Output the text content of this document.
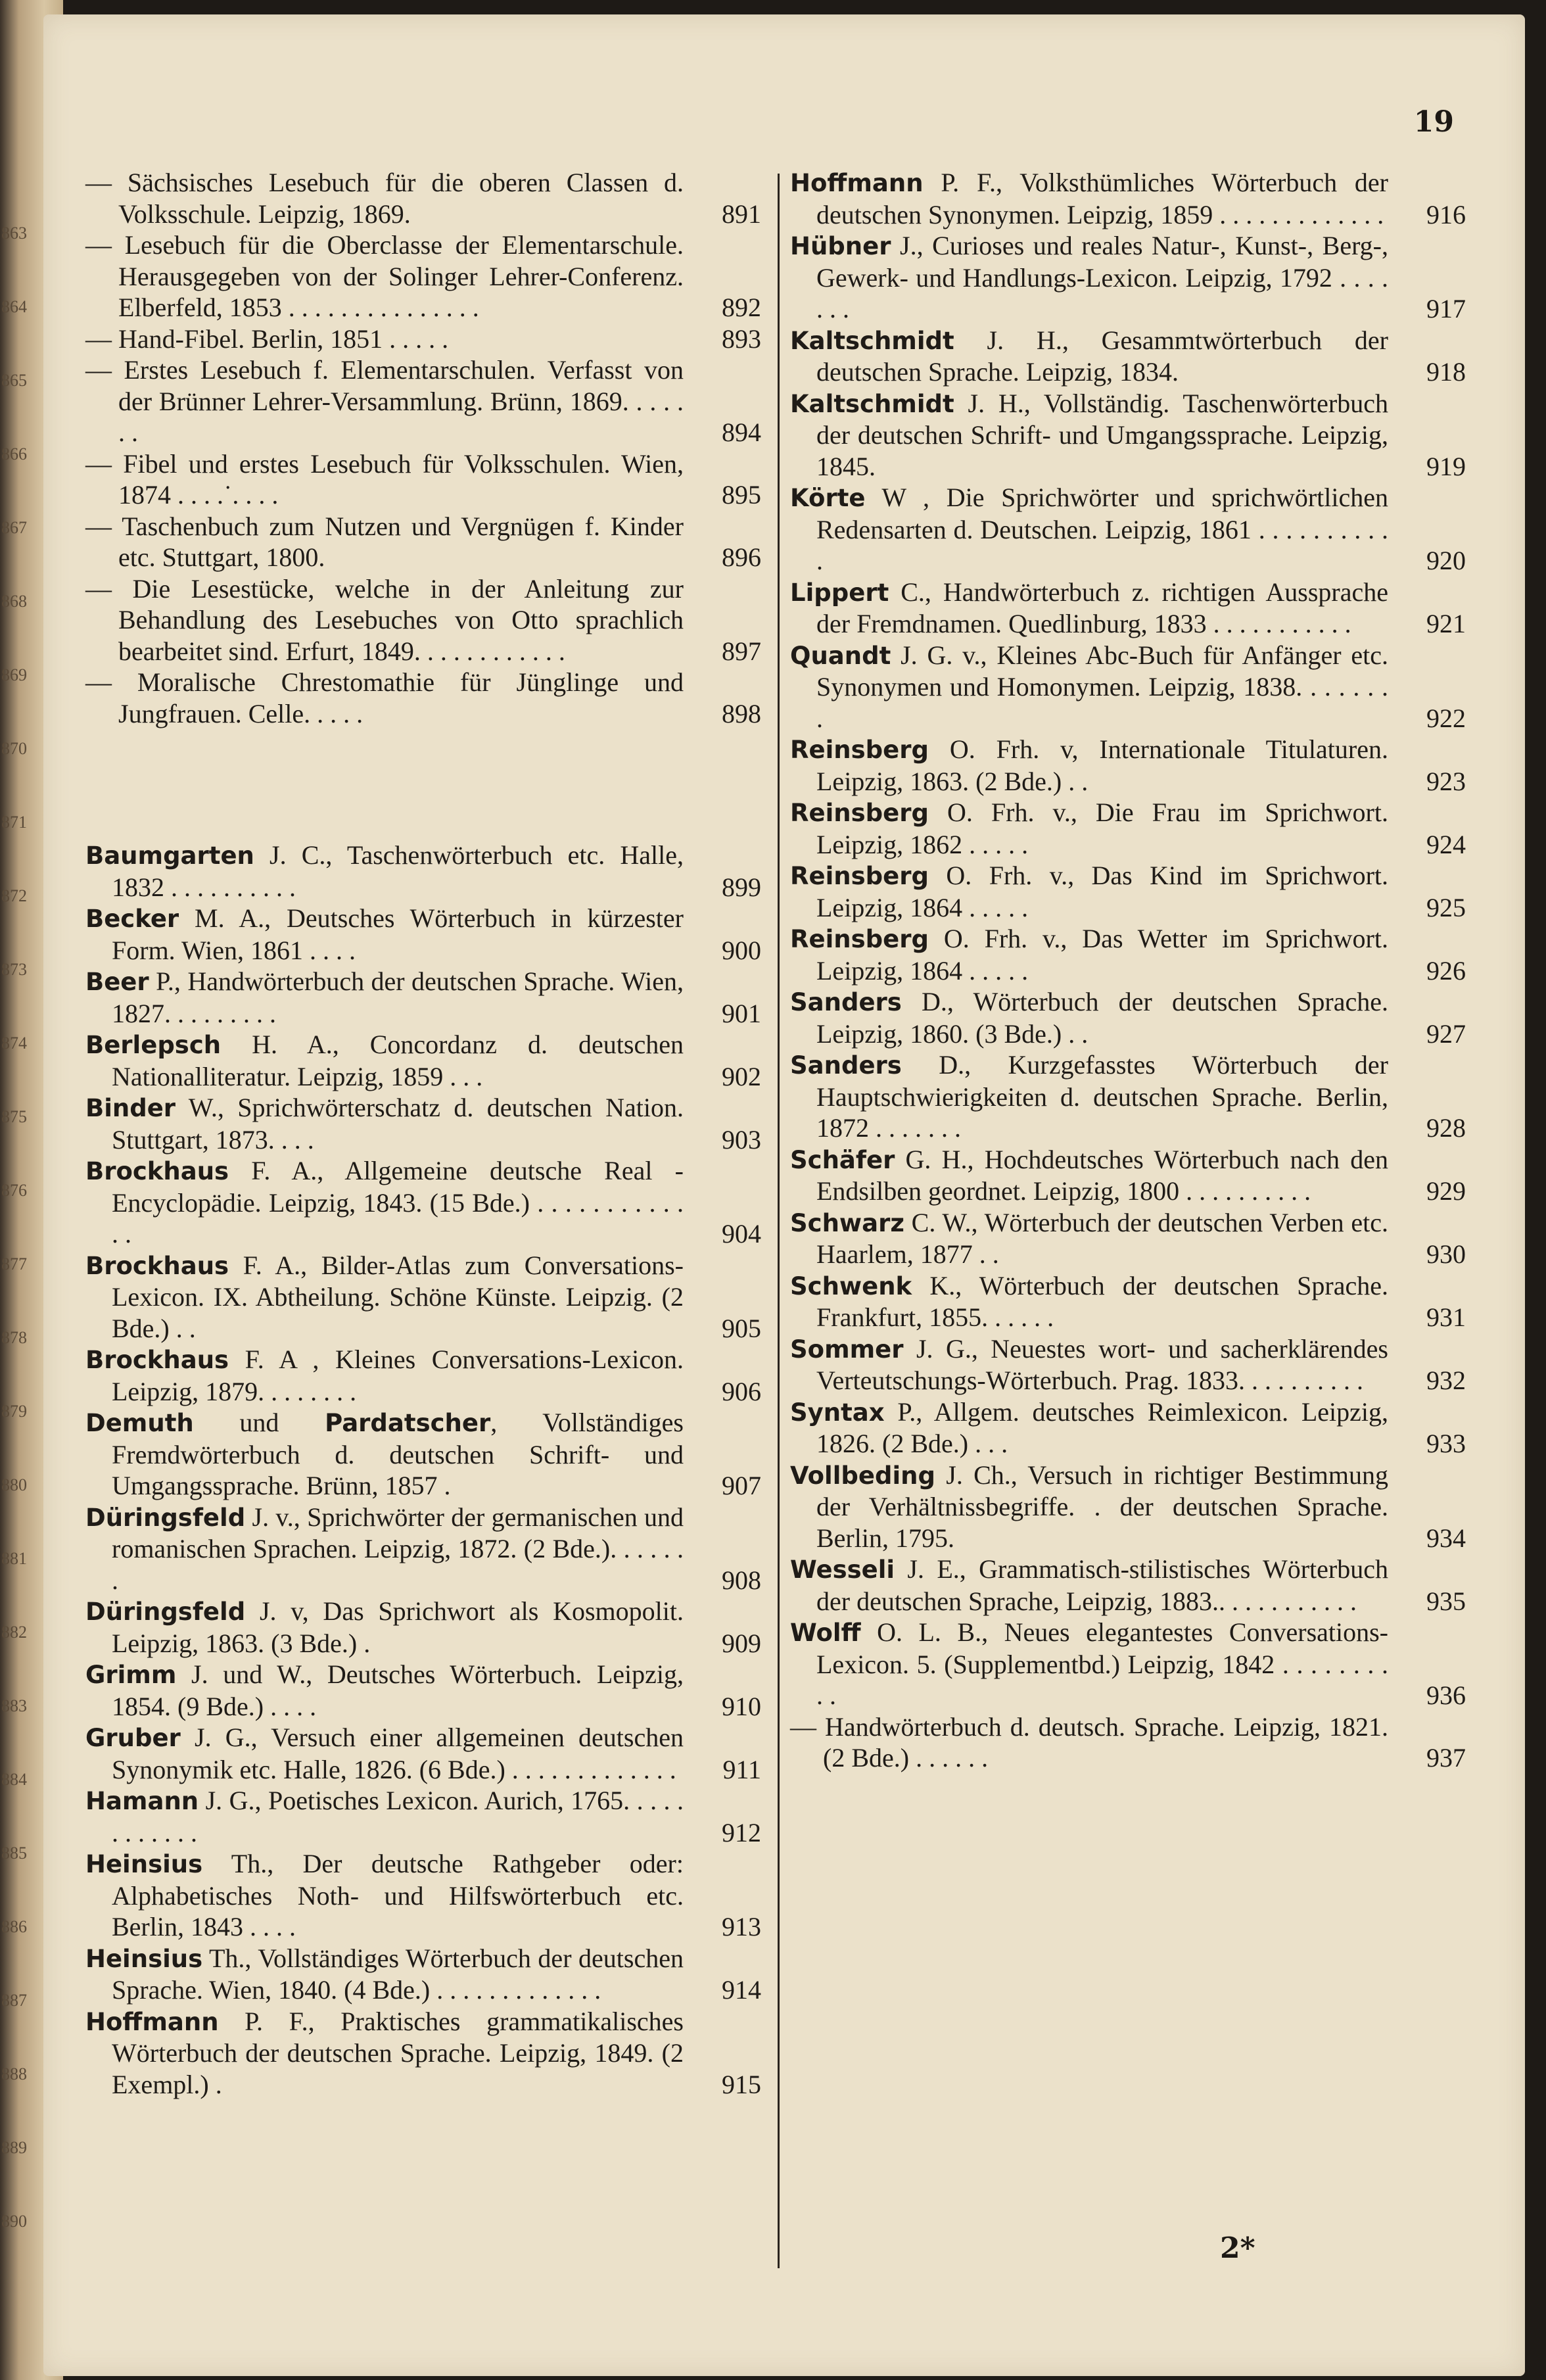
863
864
865
866
867
868
869
870
871
872
873
874
875
876
877
878
879
880
881
882
883
884
885
886
887
888
889
890
19
— Sächsisches Lesebuch für die oberen Classen d. Volksschule. Leipzig, 1869.	891
— Lesebuch für die Oberclasse der Elementarschule. Herausgegeben von der Solinger Lehrer-Conferenz. Elberfeld, 1853 . . . . . . . . . . . . . . .	892
— Hand-Fibel. Berlin, 1851 . . . . .	893
— Erstes Lesebuch f. Elementarschulen. Verfasst von der Brünner Lehrer-Versammlung. Brünn, 1869. . . . . . .	894
— Fibel und erstes Lesebuch für Volksschulen. Wien, 1874 . . . .˙. . . .	895
— Taschenbuch zum Nutzen und Vergnügen f. Kinder etc. Stuttgart, 1800.	896
— Die Lesestücke, welche in der Anleitung zur Behandlung des Lesebuches von Otto sprachlich bearbeitet sind. Erfurt, 1849. . . . . . . . . . . .	897
— Moralische Chrestomathie für Jünglinge und Jungfrauen. Celle. . . . .	898
Baumgarten J. C., Taschenwörterbuch etc. Halle, 1832 . . . . . . . . . .	899
Becker M. A., Deutsches Wörterbuch in kürzester Form. Wien, 1861 . . . .	900
Beer P., Handwörterbuch der deutschen Sprache. Wien, 1827. . . . . . . . .	901
Berlepsch H. A., Concordanz d. deutschen Nationalliteratur. Leipzig, 1859 . . .	902
Binder W., Sprichwörterschatz d. deutschen Nation. Stuttgart, 1873. . . .	903
Brockhaus F. A., Allgemeine deutsche Real - Encyclopädie. Leipzig, 1843. (15 Bde.) . . . . . . . . . . . . .	904
Brockhaus F. A., Bilder-Atlas zum Conversations-Lexicon. IX. Abtheilung. Schöne Künste. Leipzig. (2 Bde.) . .	905
Brockhaus F. A , Kleines Conversations-Lexicon. Leipzig, 1879. . . . . . . .	906
Demuth und Pardatscher, Vollständiges Fremdwörterbuch d. deutschen Schrift- und Umgangssprache. Brünn, 1857 .	907
Düringsfeld J. v., Sprichwörter der germanischen und romanischen Sprachen. Leipzig, 1872. (2 Bde.). . . . . . .	908
Düringsfeld J. v, Das Sprichwort als Kosmopolit. Leipzig, 1863. (3 Bde.) .	909
Grimm J. und W., Deutsches Wörterbuch. Leipzig, 1854. (9 Bde.) . . . .	910
Gruber J. G., Versuch einer allgemeinen deutschen Synonymik etc. Halle, 1826. (6 Bde.) . . . . . . . . . . . . .	911
Hamann J. G., Poetisches Lexicon. Aurich, 1765. . . . . . . . . . . .	912
Heinsius Th., Der deutsche Rathgeber oder: Alphabetisches Noth- und Hilfswörterbuch etc. Berlin, 1843 . . . .	913
Heinsius Th., Vollständiges Wörterbuch der deutschen Sprache. Wien, 1840. (4 Bde.) . . . . . . . . . . . . .	914
Hoffmann P. F., Praktisches grammatikalisches Wörterbuch der deutschen Sprache. Leipzig, 1849. (2 Exempl.) .	915
Hoffmann P. F., Volksthümliches Wörterbuch der deutschen Synonymen. Leipzig, 1859 . . . . . . . . . . . . .	916
Hübner J., Curioses und reales Natur-, Kunst-, Berg-, Gewerk- und Handlungs-Lexicon. Leipzig, 1792 . . . . . . .	917
Kaltschmidt J. H., Gesammtwörterbuch der deutschen Sprache. Leipzig, 1834.	918
Kaltschmidt J. H., Vollständig. Taschenwörterbuch der deutschen Schrift- und Umgangssprache. Leipzig, 1845.	919
Körte W , Die Sprichwörter und sprichwörtlichen Redensarten d. Deutschen. Leipzig, 1861 . . . . . . . . . . .	920
Lippert C., Handwörterbuch z. richtigen Aussprache der Fremdnamen. Quedlinburg, 1833 . . . . . . . . . . .	921
Quandt J. G. v., Kleines Abc-Buch für Anfänger etc. Synonymen und Homonymen. Leipzig, 1838. . . . . . . .	922
Reinsberg O. Frh. v, Internationale Titulaturen. Leipzig, 1863. (2 Bde.) . .	923
Reinsberg O. Frh. v., Die Frau im Sprichwort. Leipzig, 1862 . . . . .	924
Reinsberg O. Frh. v., Das Kind im Sprichwort. Leipzig, 1864 . . . . .	925
Reinsberg O. Frh. v., Das Wetter im Sprichwort. Leipzig, 1864 . . . . .	926
Sanders D., Wörterbuch der deutschen Sprache. Leipzig, 1860. (3 Bde.) . .	927
Sanders D., Kurzgefasstes Wörterbuch der Hauptschwierigkeiten d. deutschen Sprache. Berlin, 1872 . . . . . . .	928
Schäfer G. H., Hochdeutsches Wörterbuch nach den Endsilben geordnet. Leipzig, 1800 . . . . . . . . . .	929
Schwarz C. W., Wörterbuch der deutschen Verben etc. Haarlem, 1877 . .	930
Schwenk K., Wörterbuch der deutschen Sprache. Frankfurt, 1855. . . . . .	931
Sommer J. G., Neuestes wort- und sacherklärendes Verteutschungs-Wörterbuch. Prag. 1833. . . . . . . . . .	932
Syntax P., Allgem. deutsches Reimlexicon. Leipzig, 1826. (2 Bde.) . . .	933
Vollbeding J. Ch., Versuch in richtiger Bestimmung der Verhältnissbegriffe. . der deutschen Sprache. Berlin, 1795.	934
Wesseli J. E., Grammatisch-stilistisches Wörterbuch der deutschen Sprache, Leipzig, 1883.. . . . . . . . . . .	935
Wolff O. L. B., Neues elegantestes Conversations-Lexicon. 5. (Supplementbd.) Leipzig, 1842 . . . . . . . . . .	936
— Handwörterbuch d. deutsch. Sprache. Leipzig, 1821. (2 Bde.) . . . . . .	937
2*
